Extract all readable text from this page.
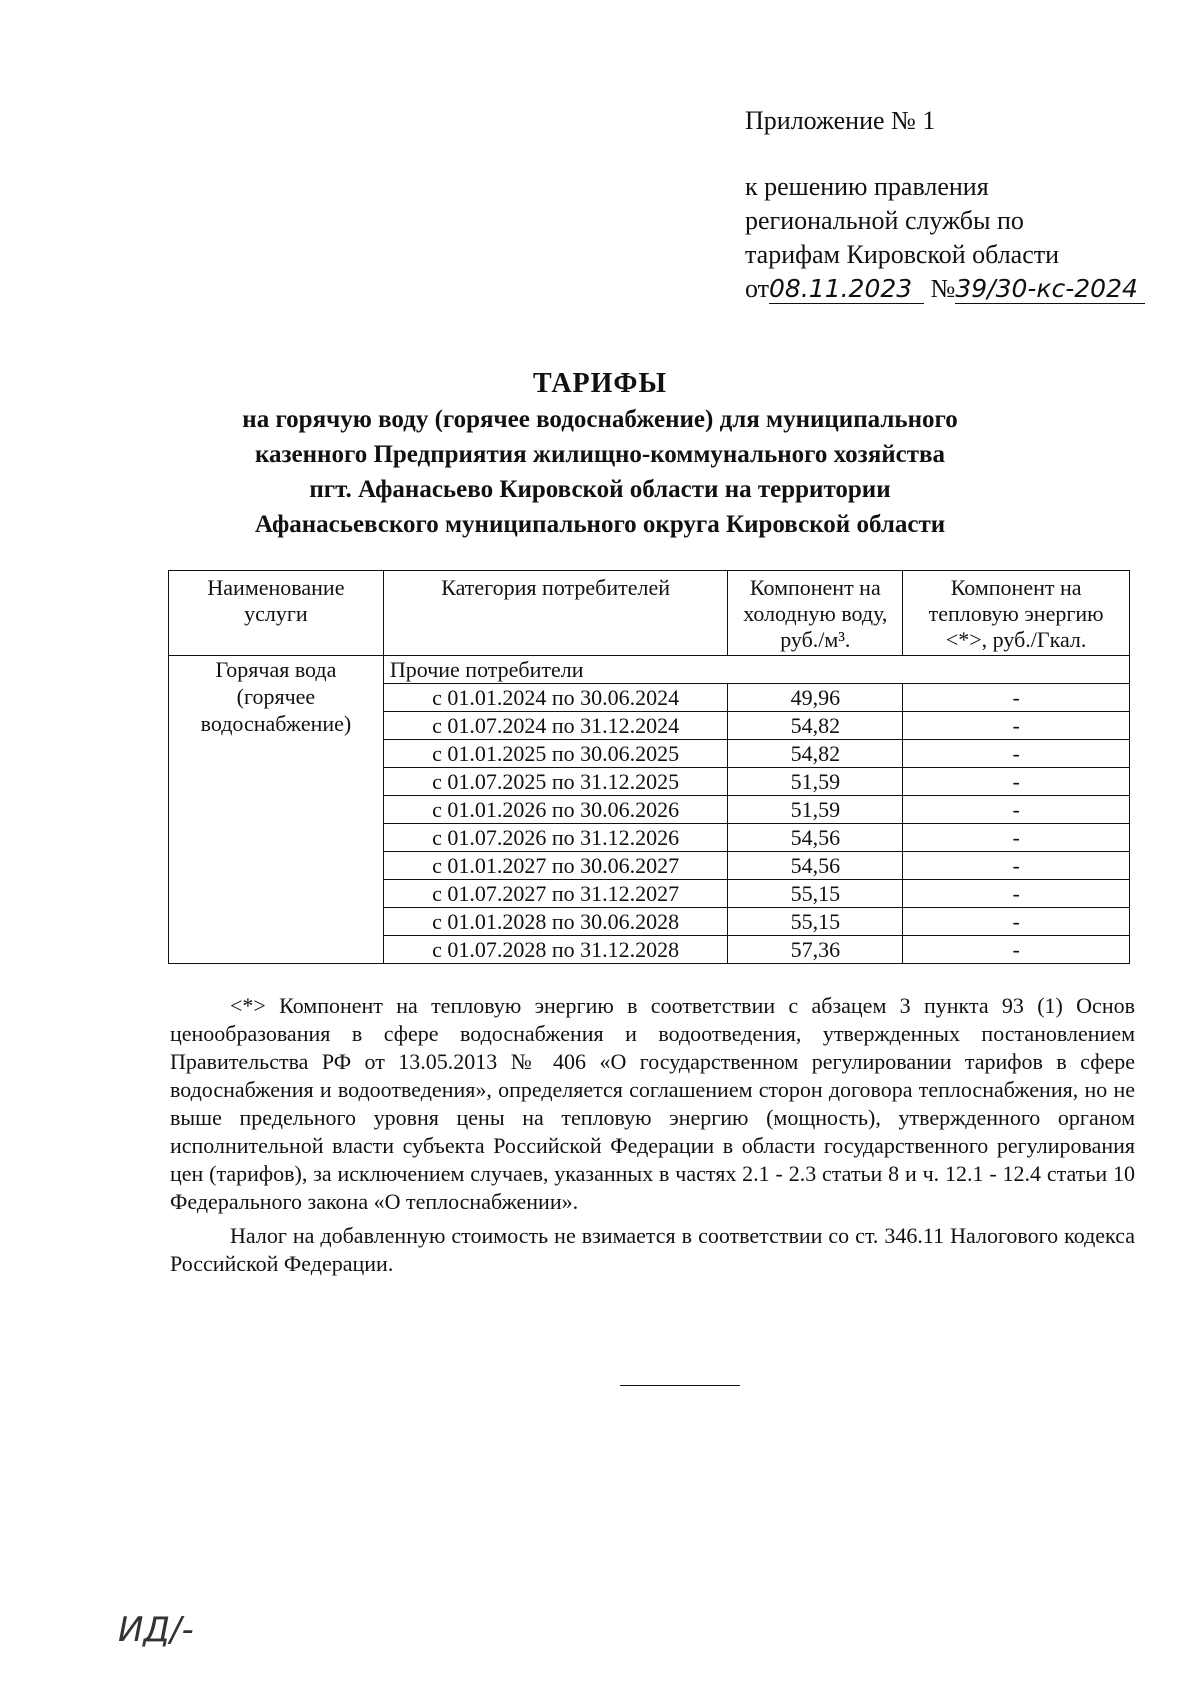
Приложение № 1
к решению правления
региональной службы по
тарифам Кировской области
от08.11.2023 №39/30-кс-2024
ТАРИФЫ
на горячую воду (горячее водоснабжение) для муниципального
казенного Предприятия жилищно-коммунального хозяйства
пгт. Афанасьево Кировской области на территории
Афанасьевского муниципального округа Кировской области
Наименование услуги	Категория потребителей	Компонент на холодную воду, руб./м³.	Компонент на тепловую энергию <*>, руб./Гкал.
Горячая вода (горячее водоснабжение)	Прочие потребители		
	с 01.01.2024 по 30.06.2024	49,96	-
	с 01.07.2024 по 31.12.2024	54,82	-
	с 01.01.2025 по 30.06.2025	54,82	-
	с 01.07.2025 по 31.12.2025	51,59	-
	с 01.01.2026 по 30.06.2026	51,59	-
	с 01.07.2026 по 31.12.2026	54,56	-
	с 01.01.2027 по 30.06.2027	54,56	-
	с 01.07.2027 по 31.12.2027	55,15	-
	с 01.01.2028 по 30.06.2028	55,15	-
	с 01.07.2028 по 31.12.2028	57,36	-

<*> Компонент на тепловую энергию в соответствии с абзацем 3 пункта 93 (1) Основ ценообразования в сфере водоснабжения и водоотведения, утвержденных постановлением Правительства РФ от 13.05.2013 № 406 «О государственном регулировании тарифов в сфере водоснабжения и водоотведения», определяется соглашением сторон договора теплоснабжения, но не выше предельного уровня цены на тепловую энергию (мощность), утвержденного органом исполнительной власти субъекта Российской Федерации в области государственного регулирования цен (тарифов), за исключением случаев, указанных в частях 2.1 - 2.3 статьи 8 и ч. 12.1 - 12.4 статьи 10 Федерального закона «О теплоснабжении».

Налог на добавленную стоимость не взимается в соответствии со ст. 346.11 Налогового кодекса Российской Федерации.

ИД/-
